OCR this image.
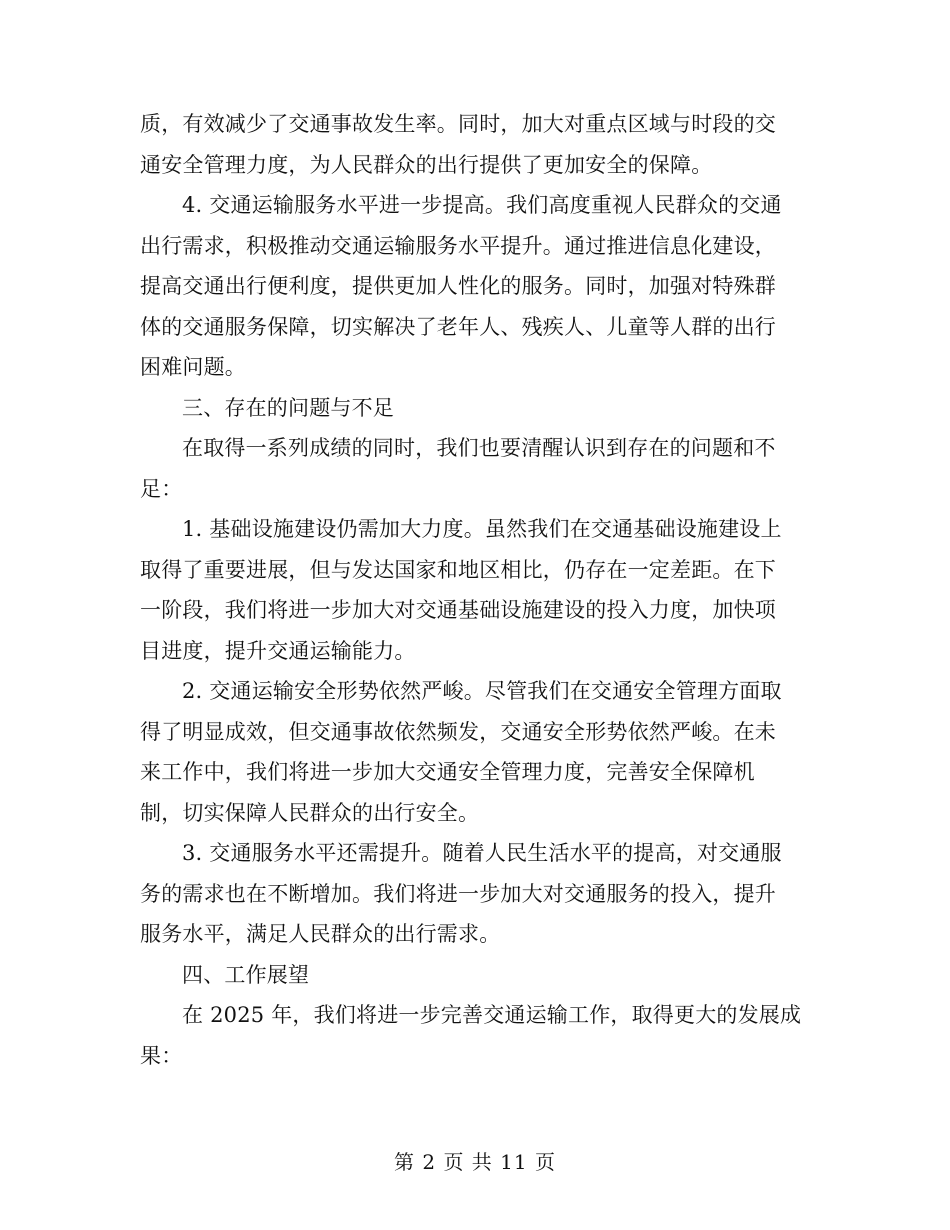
质，有效减少了交通事故发生率。同时，加大对重点区域与时段的交
通安全管理力度，为人民群众的出行提供了更加安全的保障。
4. 交通运输服务水平进一步提高。我们高度重视人民群众的交通
出行需求，积极推动交通运输服务水平提升。通过推进信息化建设，
提高交通出行便利度，提供更加人性化的服务。同时，加强对特殊群
体的交通服务保障，切实解决了老年人、残疾人、儿童等人群的出行
困难问题。
三、存在的问题与不足
在取得一系列成绩的同时，我们也要清醒认识到存在的问题和不
足：
1. 基础设施建设仍需加大力度。虽然我们在交通基础设施建设上
取得了重要进展，但与发达国家和地区相比，仍存在一定差距。在下
一阶段，我们将进一步加大对交通基础设施建设的投入力度，加快项
目进度，提升交通运输能力。
2. 交通运输安全形势依然严峻。尽管我们在交通安全管理方面取
得了明显成效，但交通事故依然频发，交通安全形势依然严峻。在未
来工作中，我们将进一步加大交通安全管理力度，完善安全保障机
制，切实保障人民群众的出行安全。
3. 交通服务水平还需提升。随着人民生活水平的提高，对交通服
务的需求也在不断增加。我们将进一步加大对交通服务的投入，提升
服务水平，满足人民群众的出行需求。
四、工作展望
在 2025 年，我们将进一步完善交通运输工作，取得更大的发展成
果：
第 2 页 共 11 页
